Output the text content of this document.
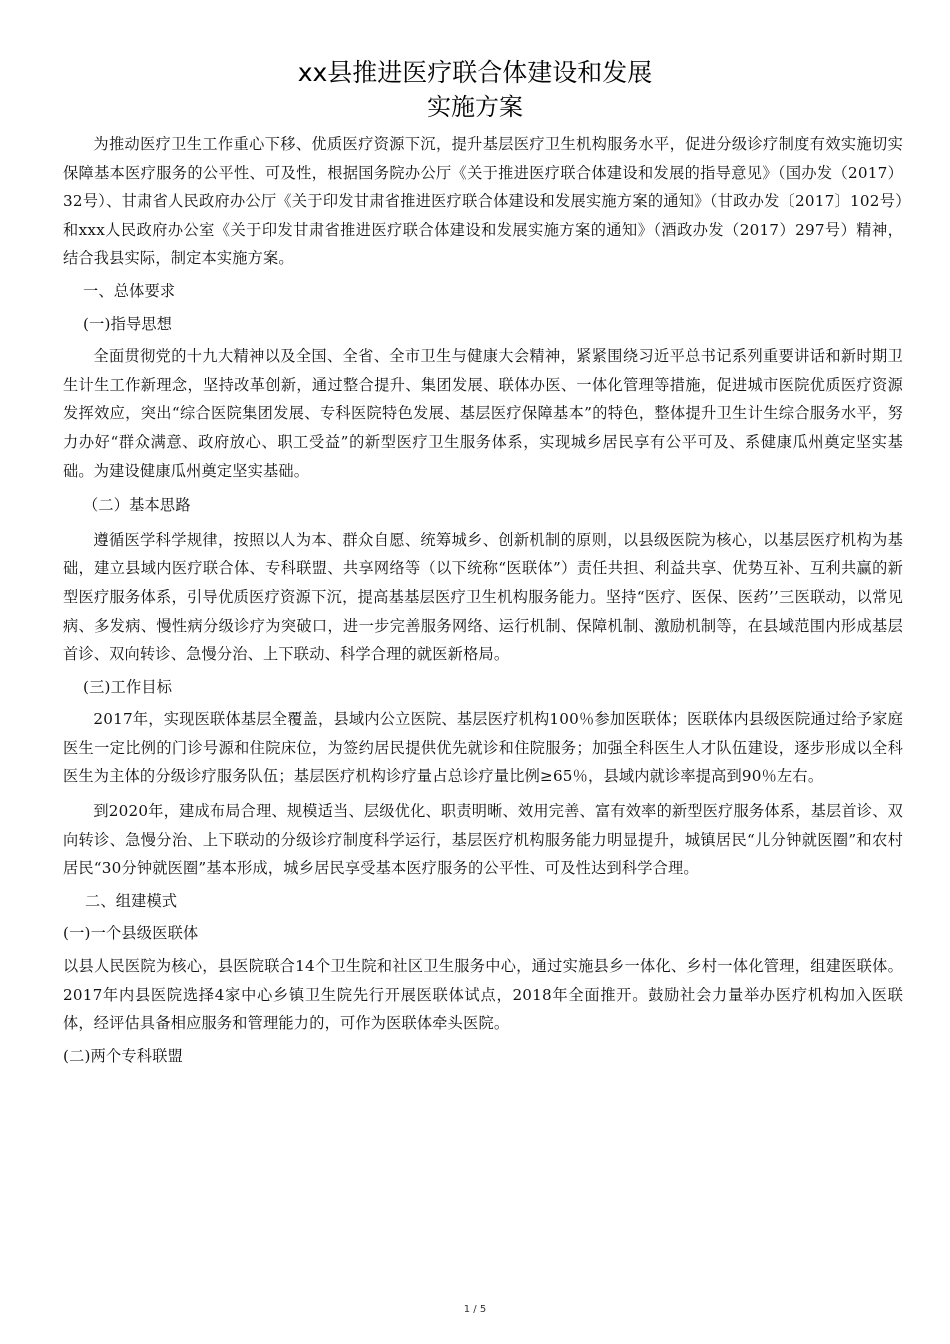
xx县推进医疗联合体建设和发展
实施方案

为推动医疗卫生工作重心下移、优质医疗资源下沉，提升基层医疗卫生机构服务水平，促进分级诊疗制度有效实施切实保障基本医疗服务的公平性、可及性，根据国务院办公厅《关于推进医疗联合体建设和发展的指导意见》（国办发（2017）32号）、甘肃省人民政府办公厅《关于印发甘肃省推进医疗联合体建设和发展实施方案的通知》（甘政办发〔2017〕102号）和xxx人民政府办公室《关于印发甘肃省推进医疗联合体建设和发展实施方案的通知》（酒政办发（2017）297号）精神，结合我县实际，制定本实施方案。

一、总体要求

(一)指导思想

全面贯彻党的十九大精神以及全国、全省、全市卫生与健康大会精神，紧紧围绕习近平总书记系列重要讲话和新时期卫生计生工作新理念，坚持改革创新，通过整合提升、集团发展、联体办医、一体化管理等措施，促进城市医院优质医疗资源发挥效应，突出“综合医院集团发展、专科医院特色发展、基层医疗保障基本”的特色，整体提升卫生计生综合服务水平，努力办好“群众满意、政府放心、职工受益”的新型医疗卫生服务体系，实现城乡居民享有公平可及、系健康瓜州奠定坚实基础。为建设健康瓜州奠定坚实基础。

（二）基本思路

遵循医学科学规律，按照以人为本、群众自愿、统筹城乡、创新机制的原则，以县级医院为核心，以基层医疗机构为基础，建立县域内医疗联合体、专科联盟、共享网络等（以下统称“医联体”）责任共担、利益共享、优势互补、互利共赢的新型医疗服务体系，引导优质医疗资源下沉，提高基基层医疗卫生机构服务能力。坚持“医疗、医保、医药’’三医联动，以常见病、多发病、慢性病分级诊疗为突破口，进一步完善服务网络、运行机制、保障机制、激励机制等，在县域范围内形成基层首诊、双向转诊、急慢分治、上下联动、科学合理的就医新格局。

(三)工作目标

2017年，实现医联体基层全覆盖，县域内公立医院、基层医疗机构100％参加医联体；医联体内县级医院通过给予家庭医生一定比例的门诊号源和住院床位，为签约居民提供优先就诊和住院服务；加强全科医生人才队伍建设，逐步形成以全科医生为主体的分级诊疗服务队伍；基层医疗机构诊疗量占总诊疗量比例≥65％，县域内就诊率提高到90％左右。

到2020年，建成布局合理、规模适当、层级优化、职责明晰、效用完善、富有效率的新型医疗服务体系，基层首诊、双向转诊、急慢分治、上下联动的分级诊疗制度科学运行，基层医疗机构服务能力明显提升，城镇居民“儿分钟就医圈”和农村居民“30分钟就医圈”基本形成，城乡居民享受基本医疗服务的公平性、可及性达到科学合理。

二、组建模式

(一)一个县级医联体

以县人民医院为核心，县医院联合14个卫生院和社区卫生服务中心，通过实施县乡一体化、乡村一体化管理，组建医联体。2017年内县医院选择4家中心乡镇卫生院先行开展医联体试点，2018年全面推开。鼓励社会力量举办医疗机构加入医联体，经评估具备相应服务和管理能力的，可作为医联体牵头医院。

(二)两个专科联盟

1 / 5
